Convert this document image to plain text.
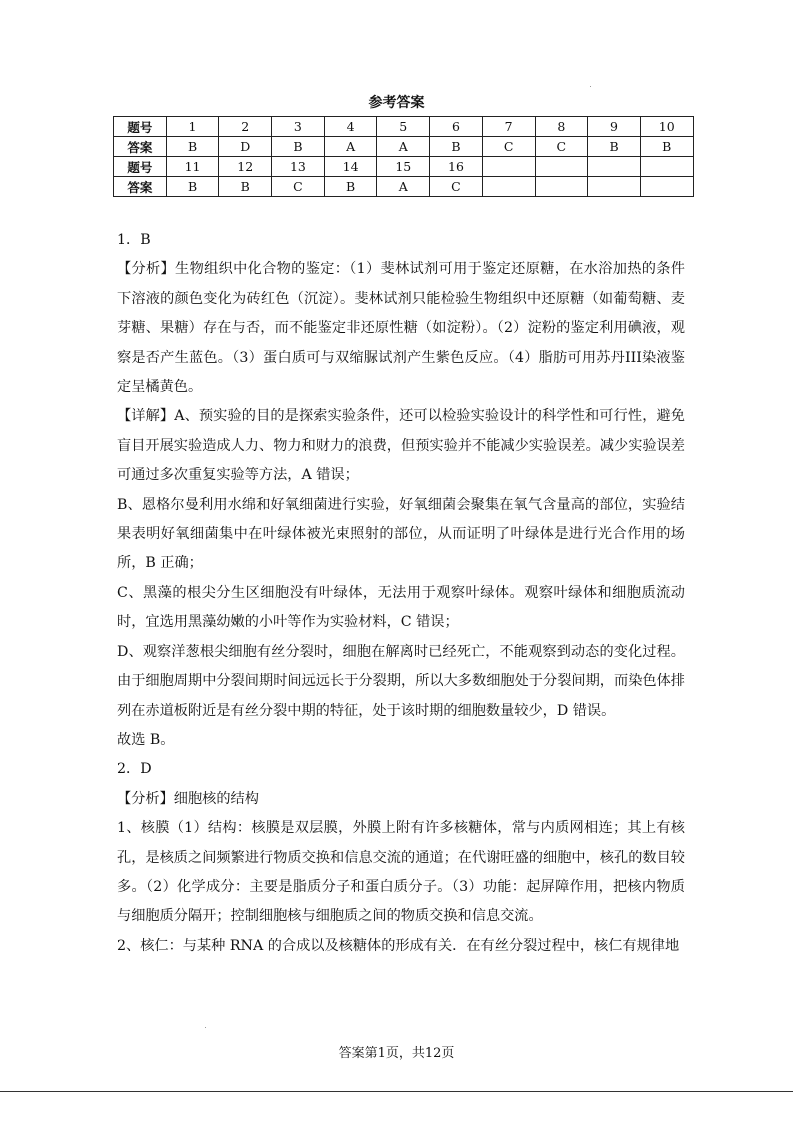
参考答案
题号	1	2	3	4	5	6	7	8	9	10
答案	B	D	B	A	A	B	C	C	B	B
题号	11	12	13	14	15	16				
答案	B	B	C	B	A	C				

1．B

【分析】生物组织中化合物的鉴定：（1）斐林试剂可用于鉴定还原糖，在水浴加热的条件下溶液的颜色变化为砖红色（沉淀）。斐林试剂只能检验生物组织中还原糖（如葡萄糖、麦芽糖、果糖）存在与否，而不能鉴定非还原性糖（如淀粉）。（2）淀粉的鉴定利用碘液，观察是否产生蓝色。（3）蛋白质可与双缩脲试剂产生紫色反应。（4）脂肪可用苏丹III染液鉴定呈橘黄色。

【详解】A、预实验的目的是探索实验条件，还可以检验实验设计的科学性和可行性，避免盲目开展实验造成人力、物力和财力的浪费，但预实验并不能减少实验误差。减少实验误差可通过多次重复实验等方法，A 错误；

B、恩格尔曼利用水绵和好氧细菌进行实验，好氧细菌会聚集在氧气含量高的部位，实验结果表明好氧细菌集中在叶绿体被光束照射的部位，从而证明了叶绿体是进行光合作用的场所，B 正确；

C、黑藻的根尖分生区细胞没有叶绿体，无法用于观察叶绿体。观察叶绿体和细胞质流动时，宜选用黑藻幼嫩的小叶等作为实验材料，C 错误；

D、观察洋葱根尖细胞有丝分裂时，细胞在解离时已经死亡，不能观察到动态的变化过程。由于细胞周期中分裂间期时间远远长于分裂期，所以大多数细胞处于分裂间期，而染色体排列在赤道板附近是有丝分裂中期的特征，处于该时期的细胞数量较少，D 错误。

故选 B。

2．D

【分析】细胞核的结构

1、核膜（1）结构：核膜是双层膜，外膜上附有许多核糖体，常与内质网相连；其上有核孔，是核质之间频繁进行物质交换和信息交流的通道；在代谢旺盛的细胞中，核孔的数目较多。（2）化学成分：主要是脂质分子和蛋白质分子。（3）功能：起屏障作用，把核内物质与细胞质分隔开；控制细胞核与细胞质之间的物质交换和信息交流。

2、核仁：与某种 RNA 的合成以及核糖体的形成有关．在有丝分裂过程中，核仁有规律地

答案第1页，共12页
